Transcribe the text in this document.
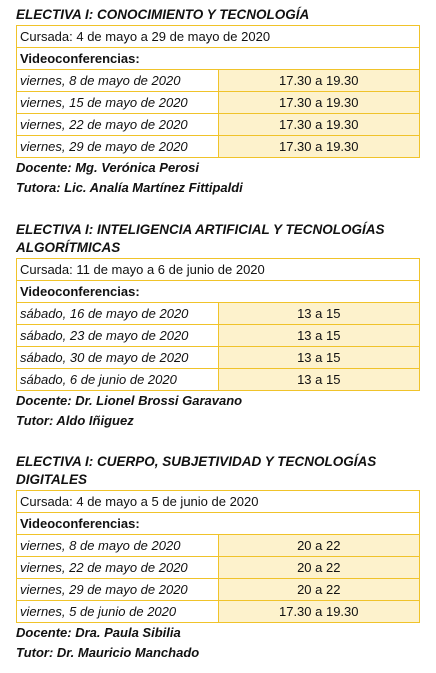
ELECTIVA I: CONOCIMIENTO Y TECNOLOGÍA

Cursada: 4 de mayo a 29 de mayo de 2020	
Videoconferencias:	
viernes, 8 de mayo de 2020	17.30 a 19.30
viernes, 15 de mayo de 2020	17.30 a 19.30
viernes, 22 de mayo de 2020	17.30 a 19.30
viernes, 29 de mayo de 2020	17.30 a 19.30

Docente: Mg. Verónica Perosi

Tutora: Lic. Analía Martínez Fittipaldi

ELECTIVA I: INTELIGENCIA ARTIFICIAL Y TECNOLOGÍAS

ALGORÍTMICAS

Cursada: 11 de mayo a 6 de junio de 2020	
Videoconferencias:	
sábado, 16 de mayo de 2020	13 a 15
sábado, 23 de mayo de 2020	13 a 15
sábado, 30 de mayo de 2020	13 a 15
sábado, 6 de junio de 2020	13 a 15

Docente: Dr. Lionel Brossi Garavano

Tutor: Aldo Iñiguez

ELECTIVA I: CUERPO, SUBJETIVIDAD Y TECNOLOGÍAS

DIGITALES

Cursada: 4 de mayo a 5 de junio de 2020	
Videoconferencias:	
viernes, 8 de mayo de 2020	20 a 22
viernes, 22 de mayo de 2020	20 a 22
viernes, 29 de mayo de 2020	20 a 22
viernes, 5 de junio de 2020	17.30 a 19.30

Docente: Dra. Paula Sibilia

Tutor: Dr. Mauricio Manchado
